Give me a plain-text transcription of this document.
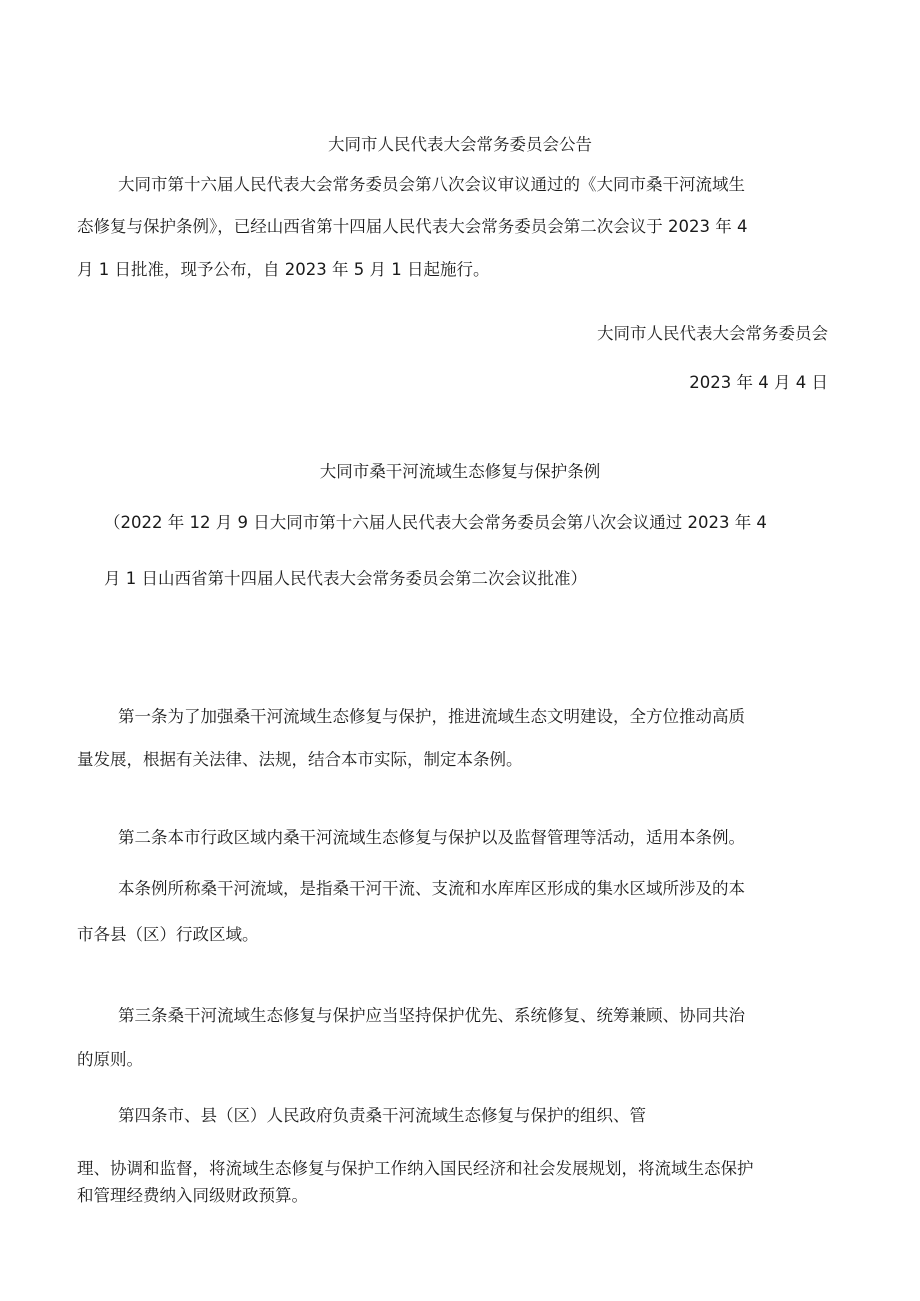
大同市人民代表大会常务委员会公告
大同市第十六届人民代表大会常务委员会第八次会议审议通过的《大同市桑干河流域生
态修复与保护条例》，已经山西省第十四届人民代表大会常务委员会第二次会议于 2023 年 4
月 1 日批准，现予公布，自 2023 年 5 月 1 日起施行。
大同市人民代表大会常务委员会
2023 年 4 月 4 日
大同市桑干河流域生态修复与保护条例
（2022 年 12 月 9 日大同市第十六届人民代表大会常务委员会第八次会议通过 2023 年 4
月 1 日山西省第十四届人民代表大会常务委员会第二次会议批准）
第一条为了加强桑干河流域生态修复与保护，推进流域生态文明建设，全方位推动高质
量发展，根据有关法律、法规，结合本市实际，制定本条例。
第二条本市行政区域内桑干河流域生态修复与保护以及监督管理等活动，适用本条例。
本条例所称桑干河流域，是指桑干河干流、支流和水库库区形成的集水区域所涉及的本
市各县（区）行政区域。
第三条桑干河流域生态修复与保护应当坚持保护优先、系统修复、统筹兼顾、协同共治
的原则。
第四条市、县（区）人民政府负责桑干河流域生态修复与保护的组织、管
理、协调和监督，将流域生态修复与保护工作纳入国民经济和社会发展规划，将流域生态保护
和管理经费纳入同级财政预算。
